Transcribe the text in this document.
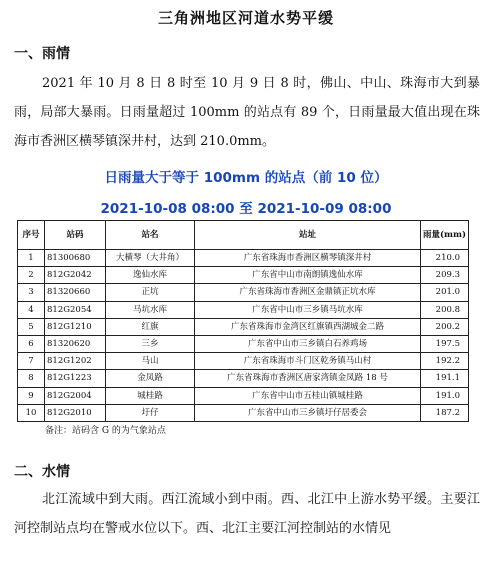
三角洲地区河道水势平缓
一、雨情
2021 年 10 月 8 日 8 时至 10 月 9 日 8 时，佛山、中山、珠海市大到暴雨，局部大暴雨。日雨量超过 100mm 的站点有 89 个，日雨量最大值出现在珠海市香洲区横琴镇深井村，达到 210.0mm。
日雨量大于等于 100mm 的站点（前 10 位）
2021-10-08 08:00 至 2021-10-09 08:00
序号	站码	站名	站址	雨量(mm)
1	81300680	大横琴（大井角）	广东省珠海市香洲区横琴镇深井村	210.0
2	812G2042	逸仙水库	广东省中山市南朗镇逸仙水库	209.3
3	81320660	正坑	广东省珠海市香洲区金鼎镇正坑水库	201.0
4	812G2054	马坑水库	广东省中山市三乡镇马坑水库	200.8
5	812G1210	红旗	广东省珠海市金湾区红旗镇西湖城金二路	200.2
6	81320620	三乡	广东省中山市三乡镇白石养鸡场	197.5
7	812G1202	马山	广东省珠海市斗门区乾务镇马山村	192.2
8	812G1223	金凤路	广东省珠海市香洲区唐家湾镇金凤路 18 号	191.1
9	812G2004	城桂路	广东省中山市五桂山镇城桂路	191.0
10	812G2010	圩仔	广东省中山市三乡镇圩仔居委会	187.2
备注：站码含 G 的为气象站点
二、水情
北江流域中到大雨。西江流域小到中雨。西、北江中上游水势平缓。主要江河控制站点均在警戒水位以下。西、北江主要江河控制站的水情见
